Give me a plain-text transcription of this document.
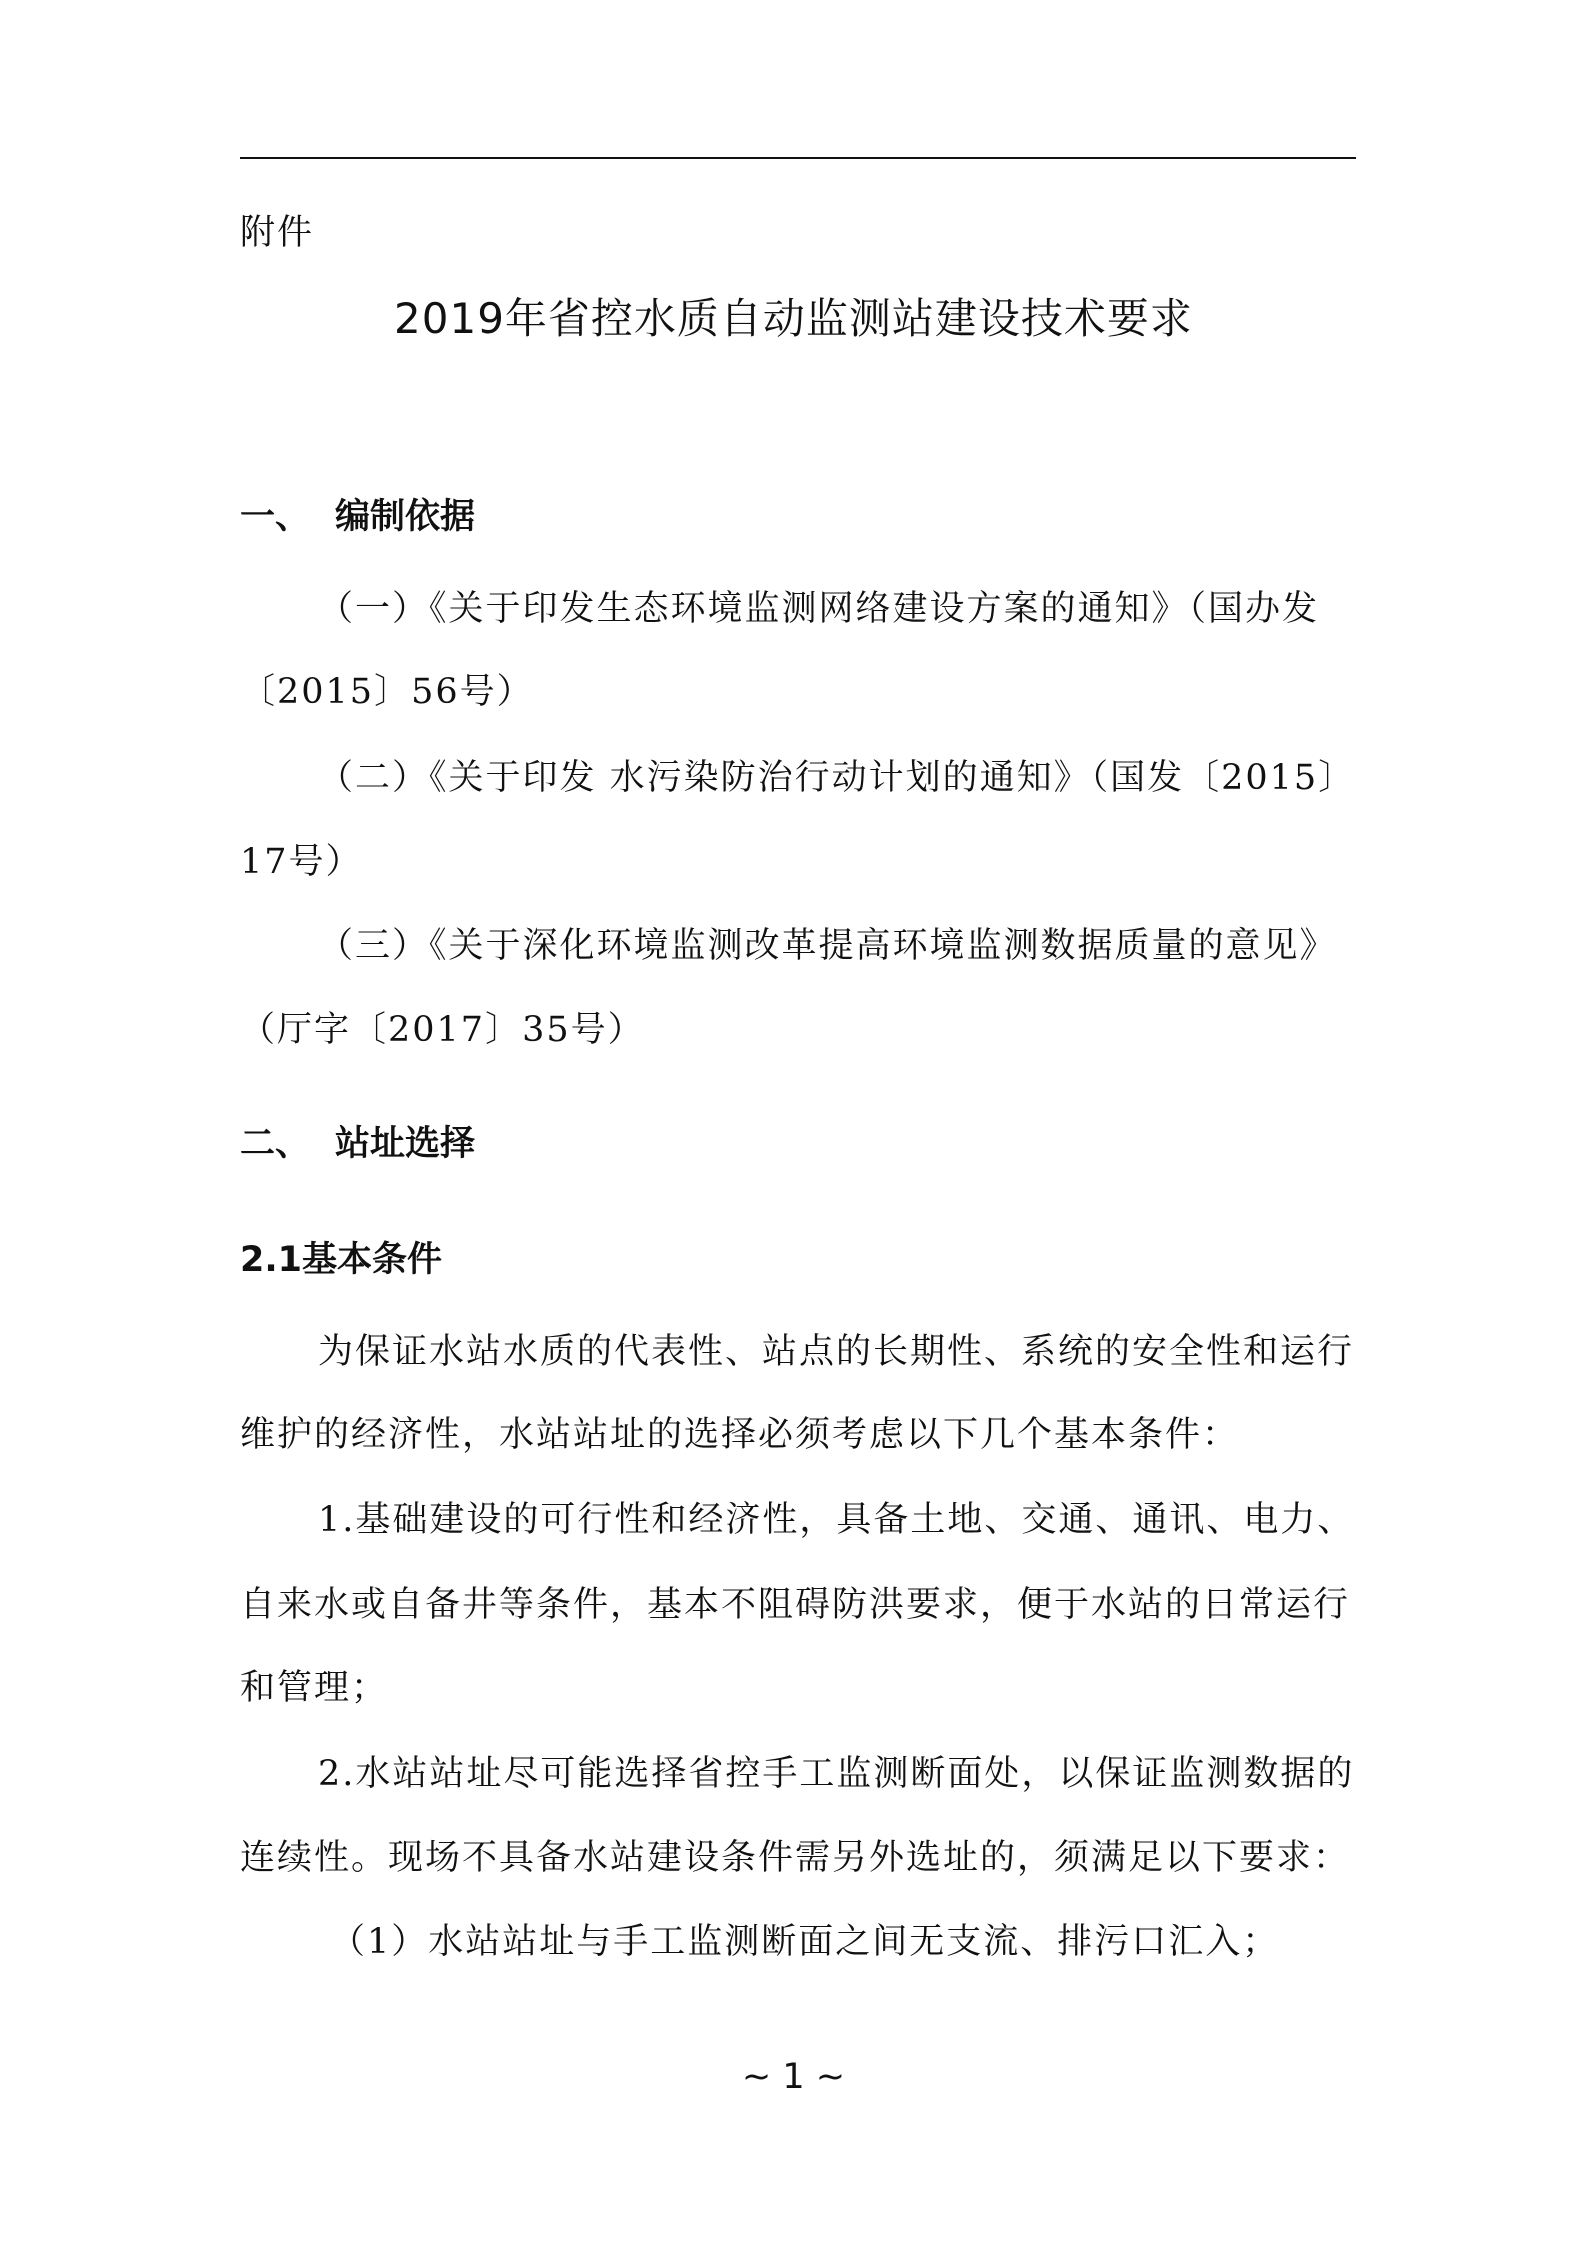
附件
2019年省控水质自动监测站建设技术要求
一、 编制依据
（一）《关于印发生态环境监测网络建设方案的通知》（国办发
〔2015〕56号）
（二）《关于印发 水污染防治行动计划的通知》（国发〔2015〕
17号）
（三）《关于深化环境监测改革提高环境监测数据质量的意见》
（厅字〔2017〕35号）
二、 站址选择
2.1基本条件
为保证水站水质的代表性、站点的长期性、系统的安全性和运行
维护的经济性，水站站址的选择必须考虑以下几个基本条件：
1.基础建设的可行性和经济性，具备土地、交通、通讯、电力、
自来水或自备井等条件，基本不阻碍防洪要求，便于水站的日常运行
和管理；
2.水站站址尽可能选择省控手工监测断面处，以保证监测数据的
连续性。现场不具备水站建设条件需另外选址的，须满足以下要求：
（1）水站站址与手工监测断面之间无支流、排污口汇入；
~ 1 ~
